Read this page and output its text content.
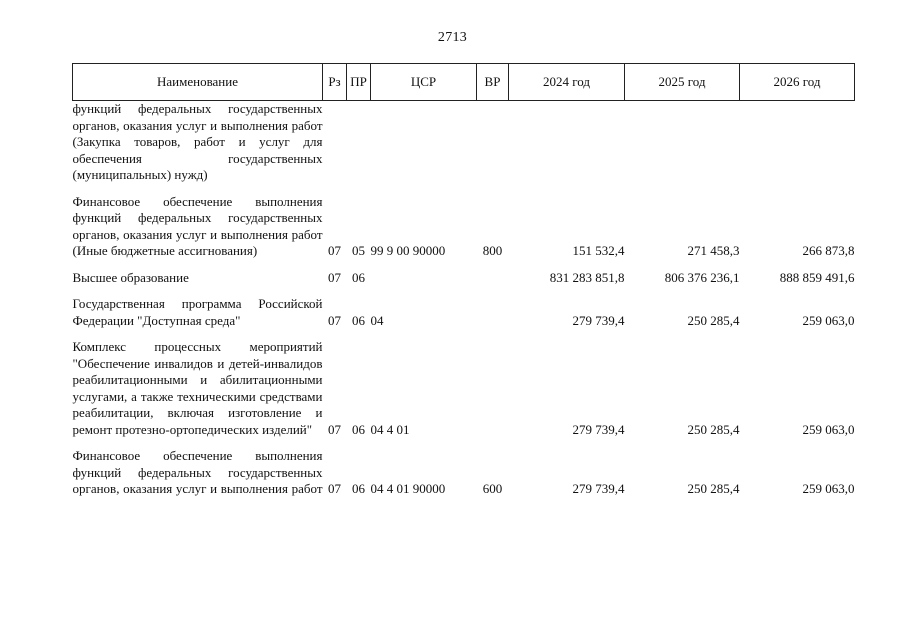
2713
Наименование	Рз	ПР	ЦСР	ВР	2024 год	2025 год	2026 год
функций федеральных государственных органов, оказания услуг и выполнения работ (Закупка товаров, работ и услуг для обеспечения государственных (муниципальных) нужд)							
Финансовое обеспечение выполнения функций федеральных государственных органов, оказания услуг и выполнения работ (Иные бюджетные ассигнования)	07	05	99 9 00 90000	800	151 532,4	271 458,3	266 873,8
Высшее образование	07	06			831 283 851,8	806 376 236,1	888 859 491,6
Государственная программа Российской Федерации "Доступная среда"	07	06	04		279 739,4	250 285,4	259 063,0
Комплекс процессных мероприятий "Обеспечение инвалидов и детей-инвалидов реабилитационными и абилитационными услугами, а также техническими средствами реабилитации, включая изготовление и ремонт протезно-ортопедических изделий"	07	06	04 4 01		279 739,4	250 285,4	259 063,0
Финансовое обеспечение выполнения функций федеральных государственных органов, оказания услуг и выполнения работ	07	06	04 4 01 90000	600	279 739,4	250 285,4	259 063,0
